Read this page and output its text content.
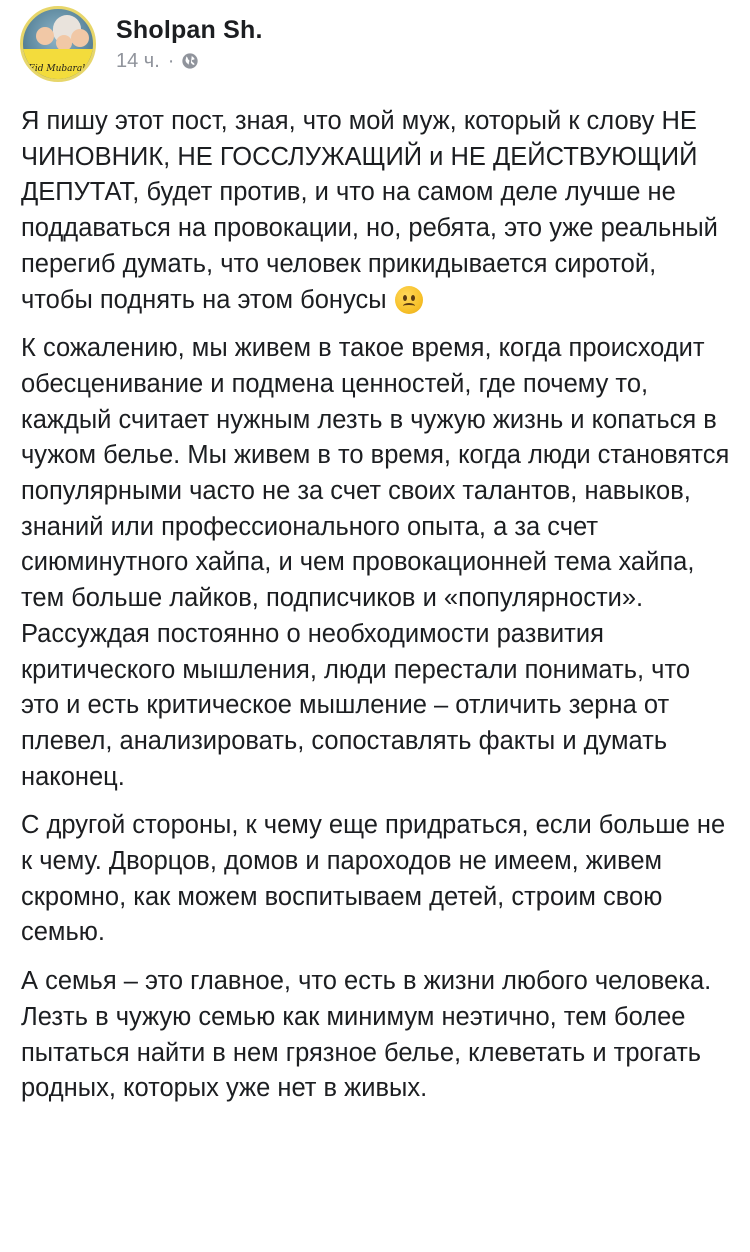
Eid Mubarak
Sholpan Sh.
14 ч. ·

Я пишу этот пост, зная, что мой муж, который к слову НЕ ЧИНОВНИК, НЕ ГОССЛУЖАЩИЙ и НЕ ДЕЙСТВУЮЩИЙ ДЕПУТАТ, будет против, и что на самом деле лучше не поддаваться на провокации, но, ребята, это уже реальный перегиб думать, что человек прикидывается сиротой, чтобы поднять на этом бонусы

К сожалению, мы живем в такое время, когда происходит обесценивание и подмена ценностей, где почему то, каждый считает нужным лезть в чужую жизнь и копаться в чужом белье. Мы живем в то время, когда люди становятся популярными часто не за счет своих талантов, навыков, знаний или профессионального опыта, а за счет сиюминутного хайпа, и чем провокационней тема хайпа, тем больше лайков, подписчиков и «популярности». Рассуждая постоянно о необходимости развития критического мышления, люди перестали понимать, что это и есть критическое мышление – отличить зерна от плевел, анализировать, сопоставлять факты и думать наконец.

С другой стороны, к чему еще придраться, если больше не к чему. Дворцов, домов и пароходов не имеем, живем скромно, как можем воспитываем детей, строим свою семью.

А семья – это главное, что есть в жизни любого человека. Лезть в чужую семью как минимум неэтично, тем более пытаться найти в нем грязное белье, клеветать и трогать родных, которых уже нет в живых.
